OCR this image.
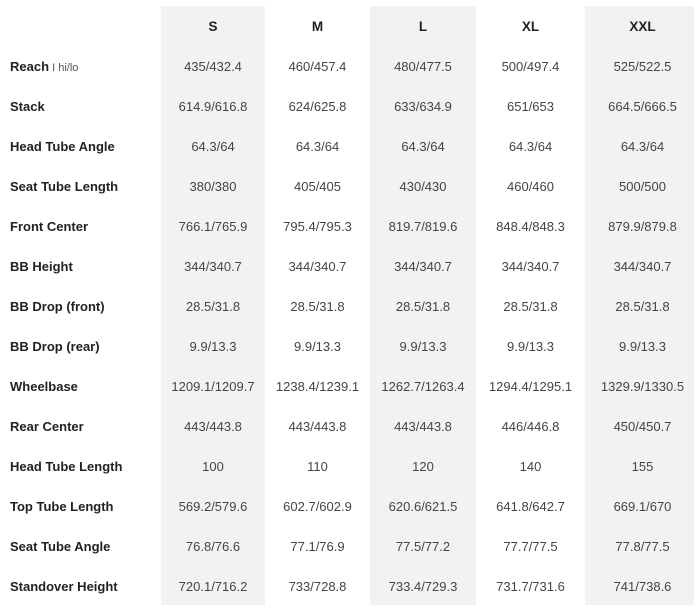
	S	M	L	XL	XXL
Reach I hi/lo	435/432.4	460/457.4	480/477.5	500/497.4	525/522.5
Stack	614.9/616.8	624/625.8	633/634.9	651/653	664.5/666.5
Head Tube Angle	64.3/64	64.3/64	64.3/64	64.3/64	64.3/64
Seat Tube Length	380/380	405/405	430/430	460/460	500/500
Front Center	766.1/765.9	795.4/795.3	819.7/819.6	848.4/848.3	879.9/879.8
BB Height	344/340.7	344/340.7	344/340.7	344/340.7	344/340.7
BB Drop (front)	28.5/31.8	28.5/31.8	28.5/31.8	28.5/31.8	28.5/31.8
BB Drop (rear)	9.9/13.3	9.9/13.3	9.9/13.3	9.9/13.3	9.9/13.3
Wheelbase	1209.1/1209.7	1238.4/1239.1	1262.7/1263.4	1294.4/1295.1	1329.9/1330.5
Rear Center	443/443.8	443/443.8	443/443.8	446/446.8	450/450.7
Head Tube Length	100	110	120	140	155
Top Tube Length	569.2/579.6	602.7/602.9	620.6/621.5	641.8/642.7	669.1/670
Seat Tube Angle	76.8/76.6	77.1/76.9	77.5/77.2	77.7/77.5	77.8/77.5
Standover Height	720.1/716.2	733/728.8	733.4/729.3	731.7/731.6	741/738.6
